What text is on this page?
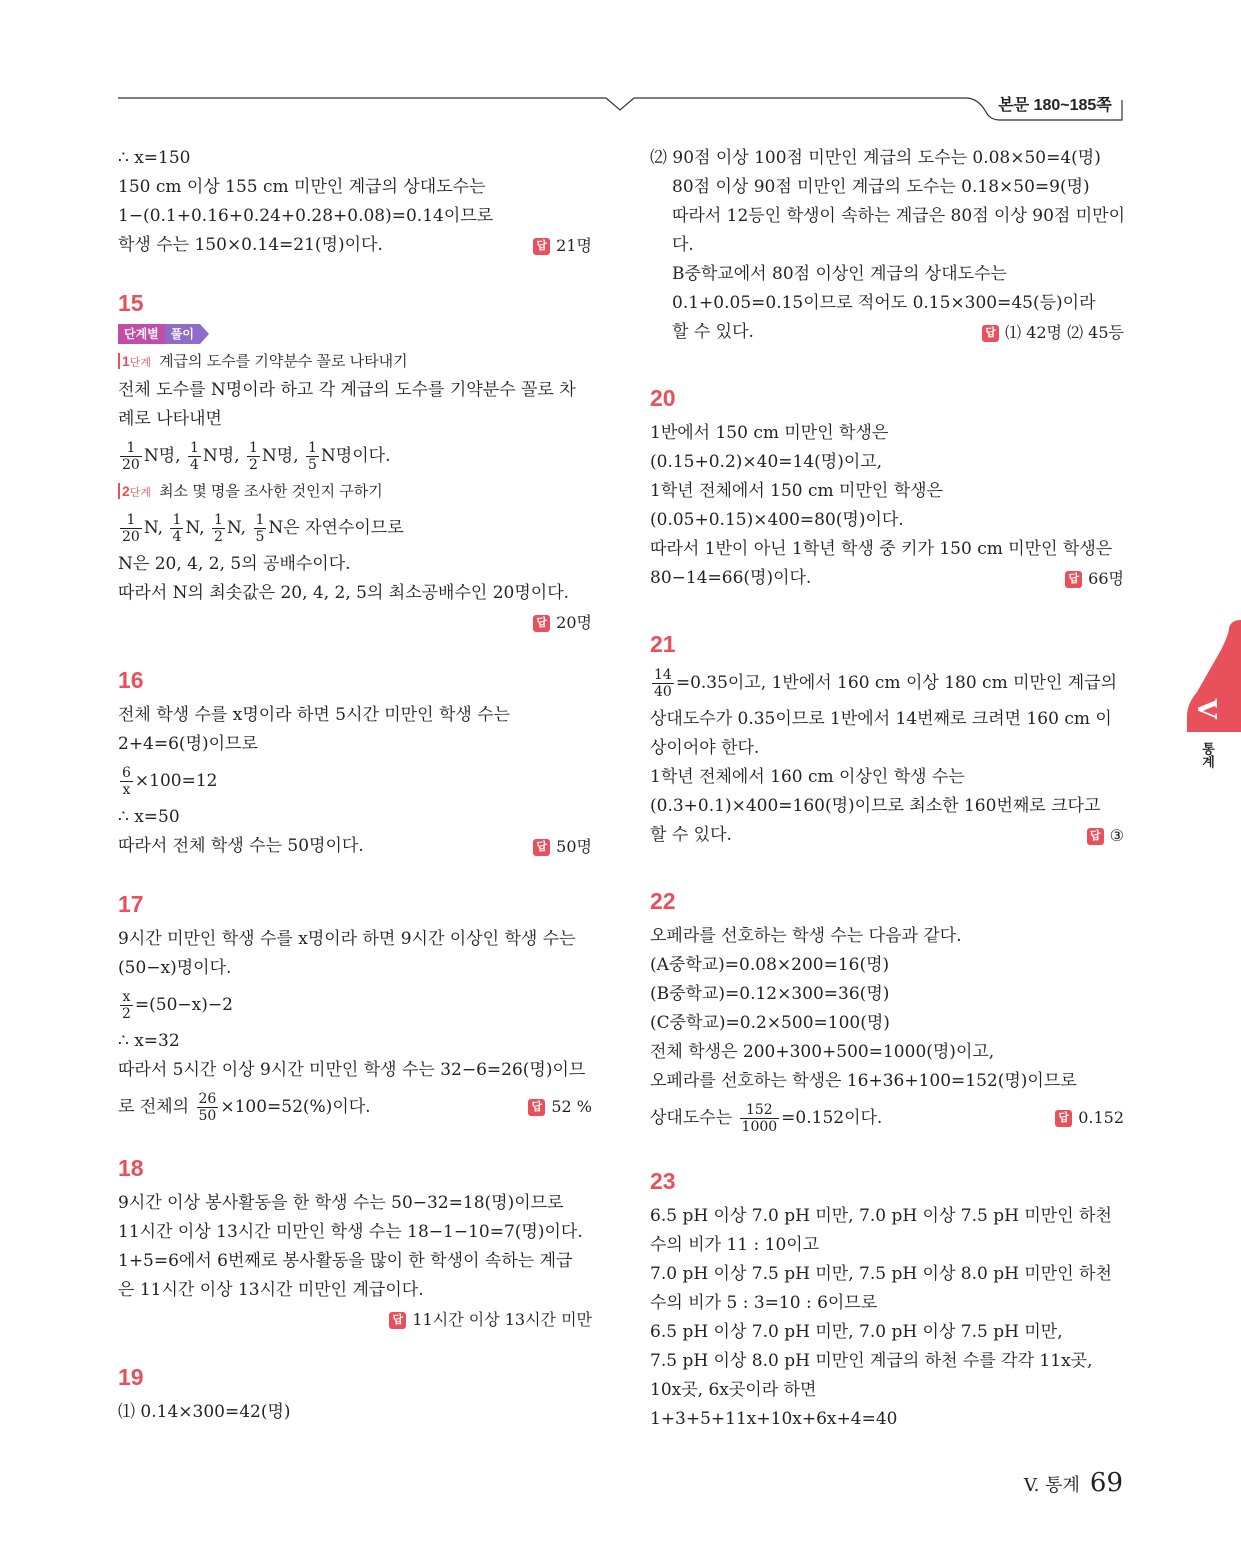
본문 180~185쪽
∴ x=150
150 cm 이상 155 cm 미만인 계급의 상대도수는
1−(0.1+0.16+0.24+0.28+0.08)=0.14이므로
학생 수는 150×0.14=21(명)이다.	답 21명
15
단계별 풀이
1단계 계급의 도수를 기약분수 꼴로 나타내기
전체 도수를 N명이라 하고 각 계급의 도수를 기약분수 꼴로 차
례로 나타내면
$\frac{1}{20}$ N명, $\frac{1}{4}$ N명, $\frac{1}{2}$ N명, $\frac{1}{5}$ N명이다.
2단계 최소 몇 명을 조사한 것인지 구하기
$\frac{1}{20} N$, $\frac{1}{4} N$, $\frac{1}{2} N$, $\frac{1}{5}$ N은 자연수이므로
N은 20, 4, 2, 5의 공배수이다.
따라서 N의 최솟값은 20, 4, 2, 5의 최소공배수인 20명이다.
답 20명
16
전체 학생 수를 x명이라 하면 5시간 미만인 학생 수는
2+4=6(명)이므로
$\frac{6}{x} \times 100=12$
∴ x=50
따라서 전체 학생 수는 50명이다.	답 50명
17
9시간 미만인 학생 수를 x명이라 하면 9시간 이상인 학생 수는
(50−x)명이다.
$\frac{x}{2} =(50-x)-2$
∴ x=32
따라서 5시간 이상 9시간 미만인 학생 수는 32−6=26(명)이므
로 전체의 $\frac{26}{50} \times 100=52(\%)$이다.	답 52 %
18
9시간 이상 봉사활동을 한 학생 수는 50−32=18(명)이므로
11시간 이상 13시간 미만인 학생 수는 18−1−10=7(명)이다.
1+5=6에서 6번째로 봉사활동을 많이 한 학생이 속하는 계급
은 11시간 이상 13시간 미만인 계급이다.
답 11시간 이상 13시간 미만
19
⑴ 0.14×300=42(명)
⑵ 90점 이상 100점 미만인 계급의 도수는 0.08×50=4(명)
80점 이상 90점 미만인 계급의 도수는 0.18×50=9(명)
따라서 12등인 학생이 속하는 계급은 80점 이상 90점 미만이
다.
B중학교에서 80점 이상인 계급의 상대도수는
0.1+0.05=0.15이므로 적어도 0.15×300=45(등)이라
할 수 있다.	답 ⑴ 42명 ⑵ 45등
20
1반에서 150 cm 미만인 학생은
(0.15+0.2)×40=14(명)이고,
1학년 전체에서 150 cm 미만인 학생은
(0.05+0.15)×400=80(명)이다.
따라서 1반이 아닌 1학년 학생 중 키가 150 cm 미만인 학생은
80−14=66(명)이다.	답 66명
21
$\frac{14}{40} =0.35$이고, 1반에서 160 cm 이상 180 cm 미만인 계급의
상대도수가 0.35이므로 1반에서 14번째로 크려면 160 cm 이
상이어야 한다.
1학년 전체에서 160 cm 이상인 학생 수는
(0.3+0.1)×400=160(명)이므로 최소한 160번째로 크다고
할 수 있다.	답 ③
22
오페라를 선호하는 학생 수는 다음과 같다.
(A중학교)=0.08×200=16(명)
(B중학교)=0.12×300=36(명)
(C중학교)=0.2×500=100(명)
전체 학생은 200+300+500=1000(명)이고,
오페라를 선호하는 학생은 16+36+100=152(명)이므로
상대도수는 $\frac{152}{1000} =0.152$이다.	답 0.152
23
6.5 pH 이상 7.0 pH 미만, 7.0 pH 이상 7.5 pH 미만인 하천
수의 비가 11 : 10이고
7.0 pH 이상 7.5 pH 미만, 7.5 pH 이상 8.0 pH 미만인 하천
수의 비가 5 : 3=10 : 6이므로
6.5 pH 이상 7.0 pH 미만, 7.0 pH 이상 7.5 pH 미만,
7.5 pH 이상 8.0 pH 미만인 계급의 하천 수를 각각 11x곳,
10x곳, 6x곳이라 하면
1+3+5+11x+10x+6x+4=40
V
통계
V. 통계 69
